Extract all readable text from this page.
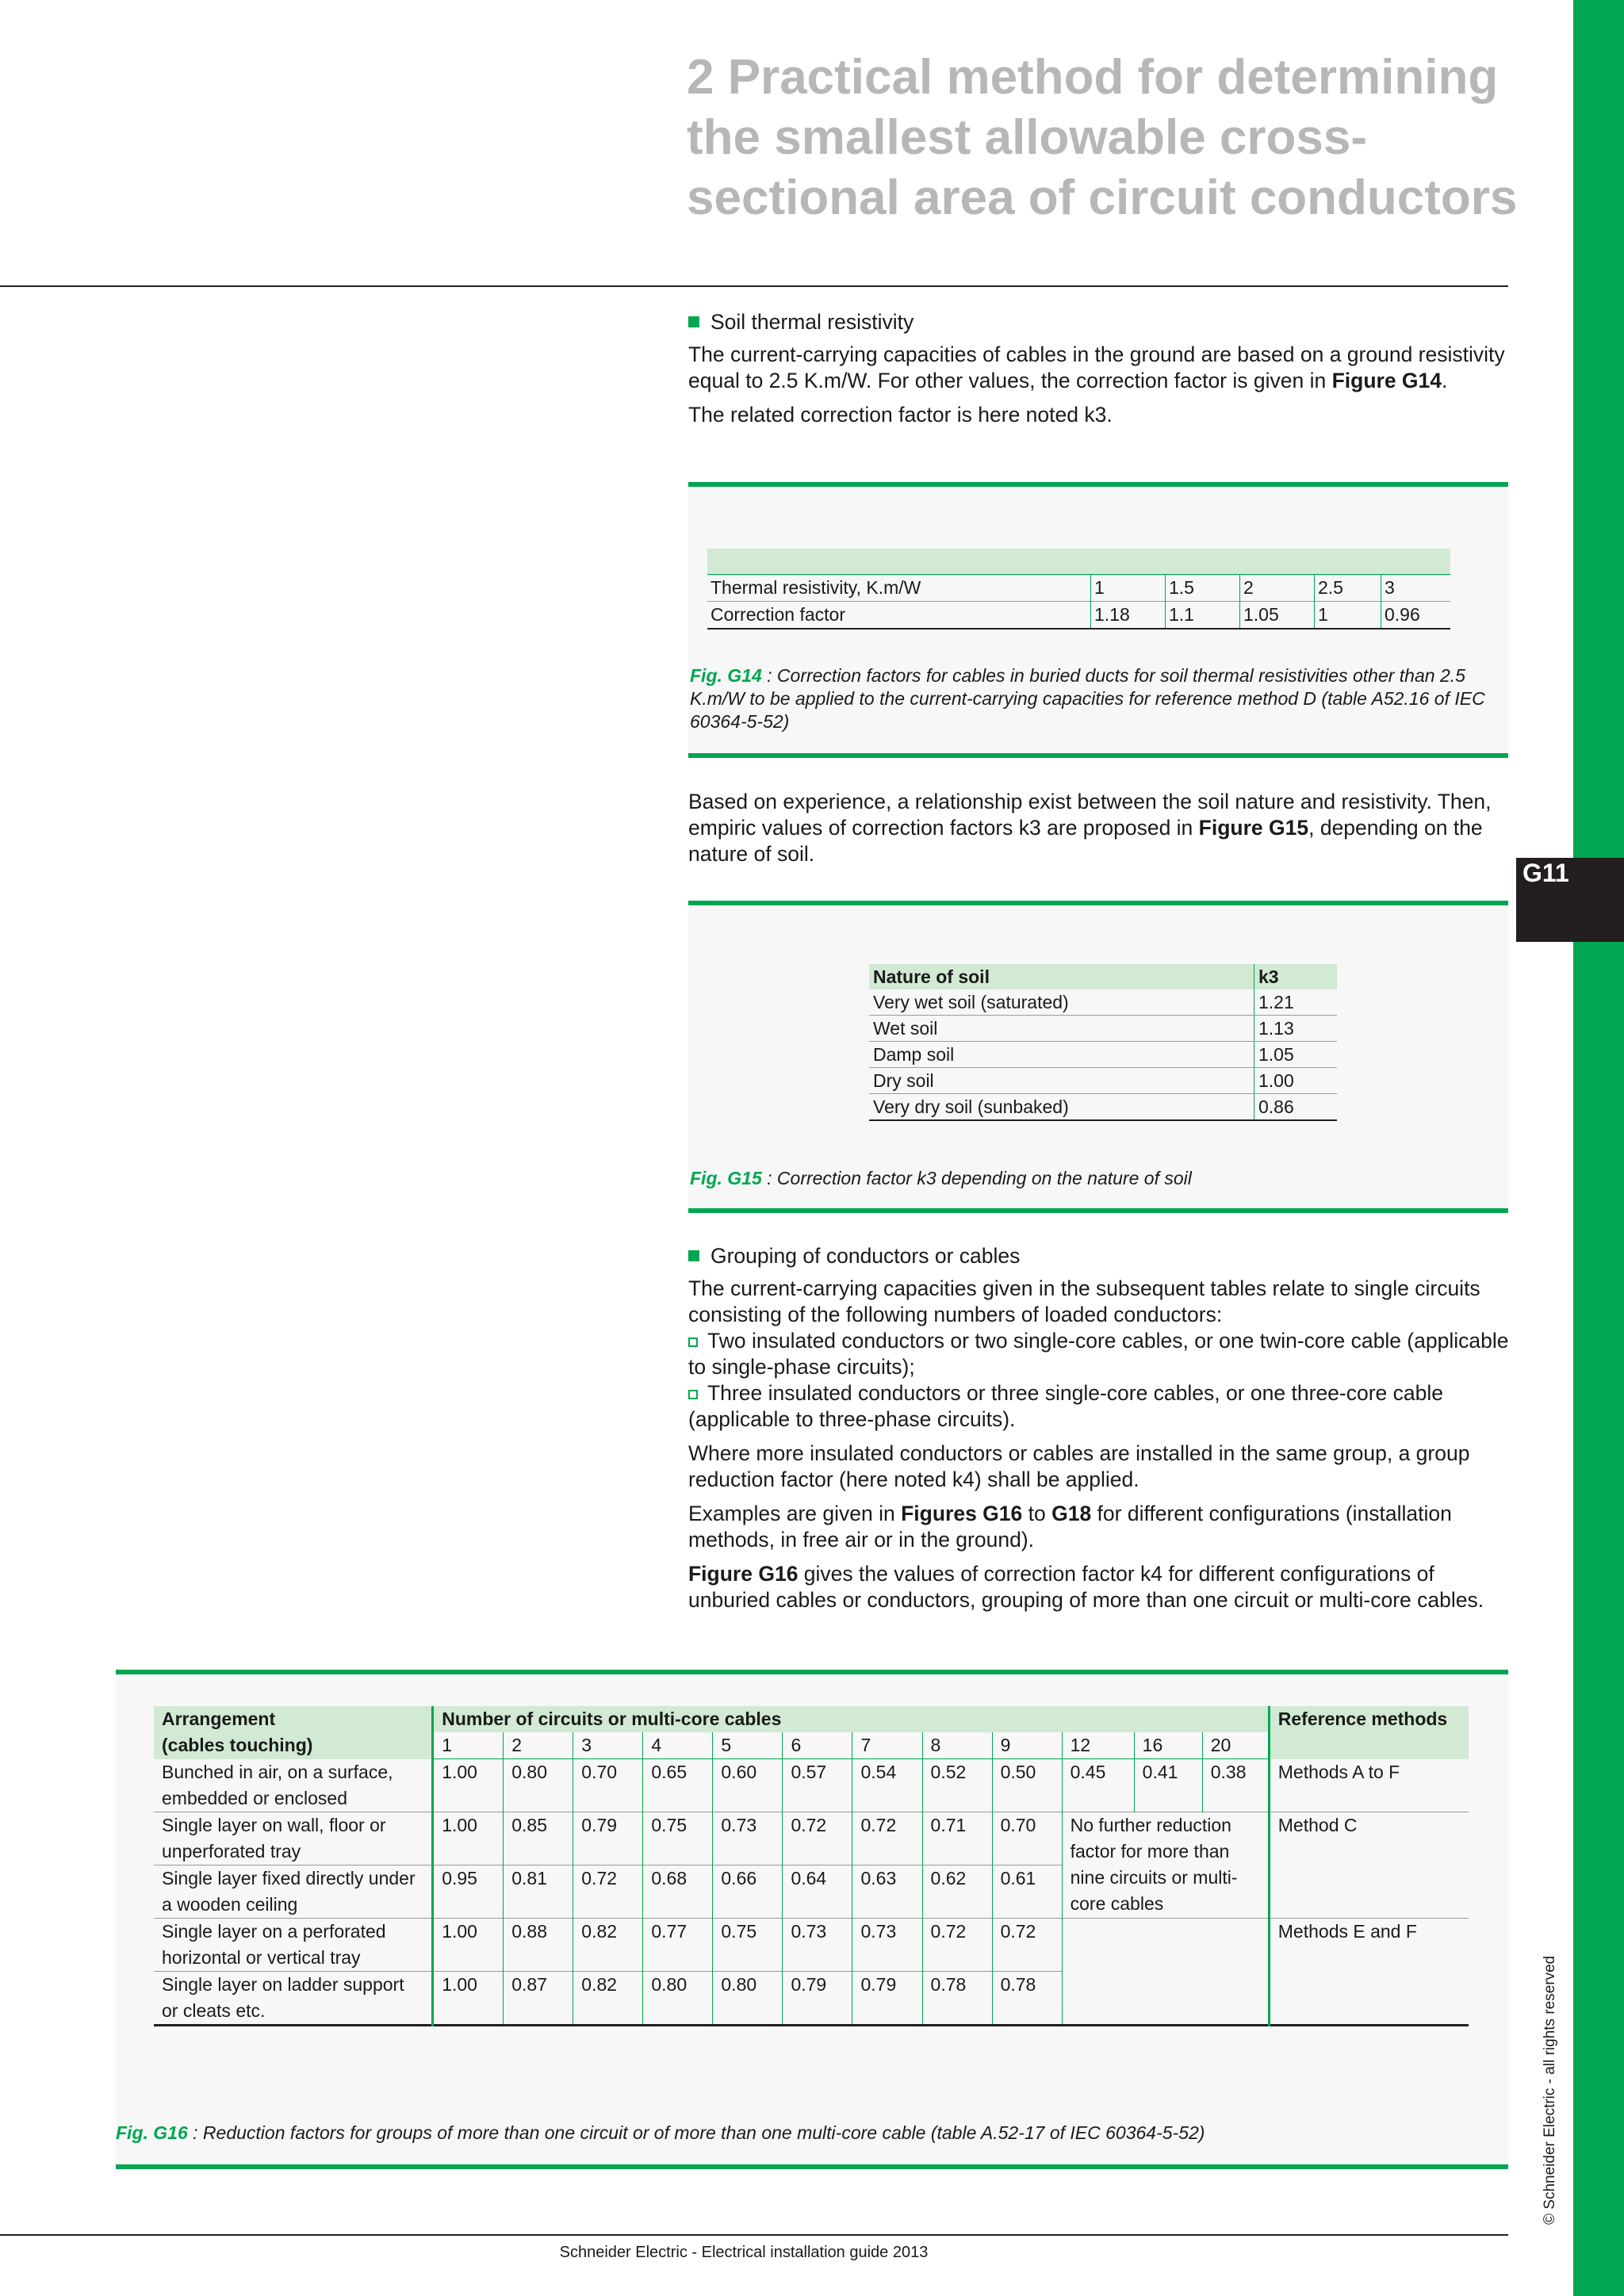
G11
2 Practical method for determining the smallest allowable cross-sectional area of circuit conductors

Soil thermal resistivity

The current-carrying capacities of cables in the ground are based on a ground resistivity equal to 2.5 K.m/W. For other values, the correction factor is given in Figure G14.

The related correction factor is here noted k3.

Thermal resistivity, K.m/W	1	1.5	2	2.5	3
Correction factor	1.18	1.1	1.05	1	0.96
Fig. G14 : Correction factors for cables in buried ducts for soil thermal resistivities other than 2.5 K.m/W to be applied to the current-carrying capacities for reference method D (table A52.16 of IEC 60364-5-52)

Based on experience, a relationship exist between the soil nature and resistivity. Then, empiric values of correction factors k3 are proposed in Figure G15, depending on the nature of soil.

Nature of soil	k3
Very wet soil (saturated)	1.21
Wet soil	1.13
Damp soil	1.05
Dry soil	1.00
Very dry soil (sunbaked)	0.86
Fig. G15 : Correction factor k3 depending on the nature of soil

Grouping of conductors or cables

The current-carrying capacities given in the subsequent tables relate to single circuits consisting of the following numbers of loaded conductors:

Two insulated conductors or two single-core cables, or one twin-core cable (applicable to single-phase circuits);

Three insulated conductors or three single-core cables, or one three-core cable (applicable to three-phase circuits).

Where more insulated conductors or cables are installed in the same group, a group reduction factor (here noted k4) shall be applied.

Examples are given in Figures G16 to G18 for different configurations (installation methods, in free air or in the ground).

Figure G16 gives the values of correction factor k4 for different configurations of unburied cables or conductors, grouping of more than one circuit or multi-core cables.

Arrangement	Number of circuits or multi-core cables												Reference methods
(cables touching)	1	2	3	4	5	6	7	8	9	12	16	20	
Bunched in air, on a surface, embedded or enclosed	1.00	0.80	0.70	0.65	0.60	0.57	0.54	0.52	0.50	0.45	0.41	0.38	Methods A to F
Single layer on wall, floor or unperforated tray	1.00	0.85	0.79	0.75	0.73	0.72	0.72	0.71	0.70	No further reduction factor for more than nine circuits or multi-core cables			Method C
Single layer fixed directly under a wooden ceiling	0.95	0.81	0.72	0.68	0.66	0.64	0.63	0.62	0.61				
Single layer on a perforated horizontal or vertical tray	1.00	0.88	0.82	0.77	0.75	0.73	0.73	0.72	0.72				Methods E and F
Single layer on ladder support or cleats etc.	1.00	0.87	0.82	0.80	0.80	0.79	0.79	0.78	0.78				
Fig. G16 : Reduction factors for groups of more than one circuit or of more than one multi-core cable (table A.52-17 of IEC 60364-5-52)
Schneider Electric - Electrical installation guide 2013
© Schneider Electric - all rights reserved
